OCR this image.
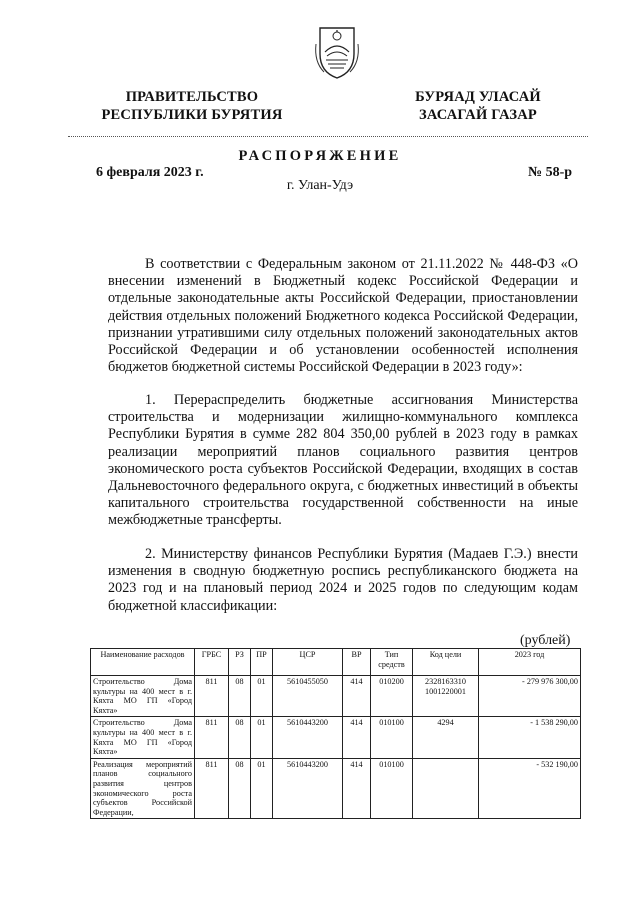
ПРАВИТЕЛЬСТВО
РЕСПУБЛИКИ БУРЯТИЯ
БУРЯАД УЛАСАЙ
ЗАСАГАЙ ГАЗАР
РАСПОРЯЖЕНИЕ
6 февраля 2023 г.	№ 58-р
г. Улан-Удэ

В соответствии с Федеральным законом от 21.11.2022 № 448-ФЗ «О внесении изменений в Бюджетный кодекс Российской Федерации и отдельные законодательные акты Российской Федерации, приостановлении действия отдельных положений Бюджетного кодекса Российской Федерации, признании утратившими силу отдельных положений законодательных актов Российской Федерации и об установлении особенностей исполнения бюджетов бюджетной системы Российской Федерации в 2023 году»:

1. Перераспределить бюджетные ассигнования Министерства строительства и модернизации жилищно-коммунального комплекса Республики Бурятия в сумме 282 804 350,00 рублей в 2023 году в рамках реализации мероприятий планов социального развития центров экономического роста субъектов Российской Федерации, входящих в состав Дальневосточного федерального округа, с бюджетных инвестиций в объекты капитального строительства государственной собственности на иные межбюджетные трансферты.

2. Министерству финансов Республики Бурятия (Мадаев Г.Э.) внести изменения в сводную бюджетную роспись республиканского бюджета на 2023 год и на плановый период 2024 и 2025 годов по следующим кодам бюджетной классификации:

(рублей)
Наименование расходов	ГРБС	РЗ	ПР	ЦСР	ВР	Тип средств	Код цели	2023 год
Строительство Дома культуры на 400 мест в г. Кяхта МО ГП «Город Кяхта»	811	08	01	5610455050	414	010200	2328163310 1001220001	- 279 976 300,00
Строительство Дома культуры на 400 мест в г. Кяхта МО ГП «Город Кяхта»	811	08	01	5610443200	414	010100	4294	- 1 538 290,00
Реализация мероприятий планов социального развития центров экономического роста субъектов Российской Федерации,	811	08	01	5610443200	414	010100		- 532 190,00
